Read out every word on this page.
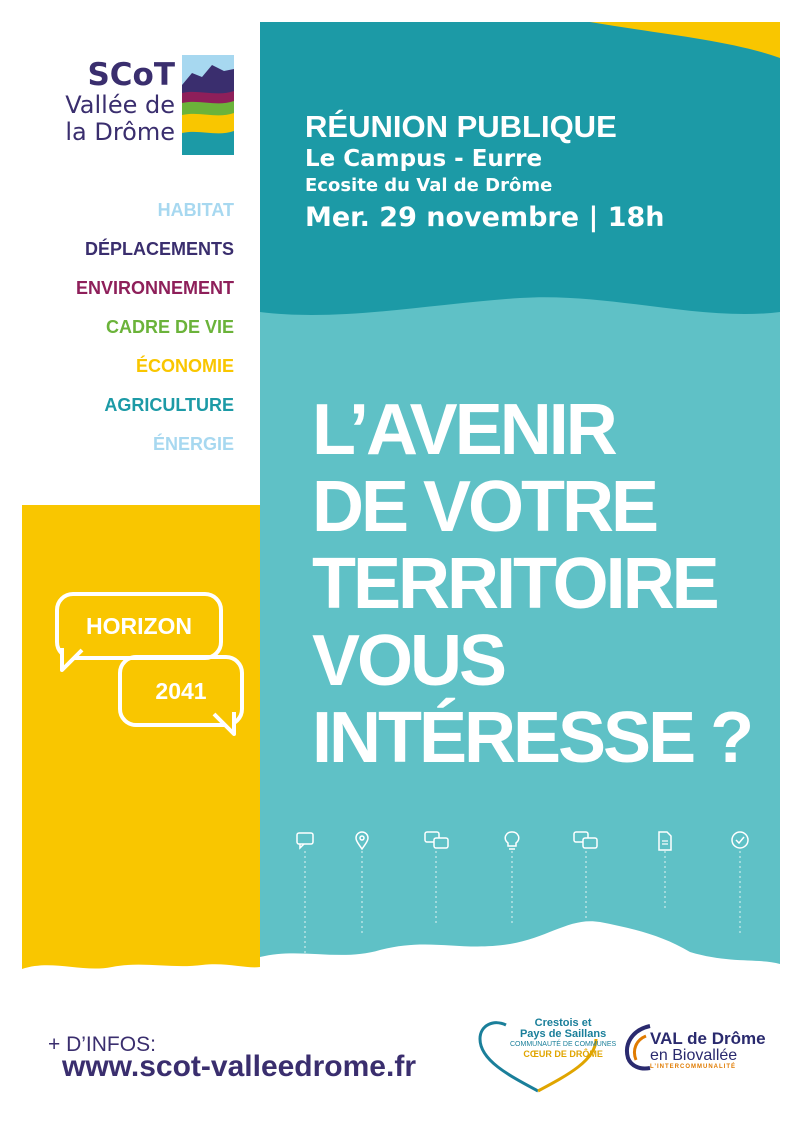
SCoT
Vallée de
la Drôme
HABITAT
DÉPLACEMENTS
ENVIRONNEMENT
CADRE DE VIE
ÉCONOMIE
AGRICULTURE
ÉNERGIE
RÉUNION PUBLIQUE
Le Campus - Eurre
Ecosite du Val de Drôme
Mer. 29 novembre | 18h
L’AVENIR
DE VOTRE
TERRITOIRE
VOUS
INTÉRESSE ?
HORIZON
2041
+ D’INFOS:
www.scot-valleedrome.fr
Crestois et
Pays de Saillans
COMMUNAUTÉ DE COMMUNES
CŒUR DE DRÔME
VAL de Drôme
en Biovallée
L’INTERCOMMUNALITÉ
